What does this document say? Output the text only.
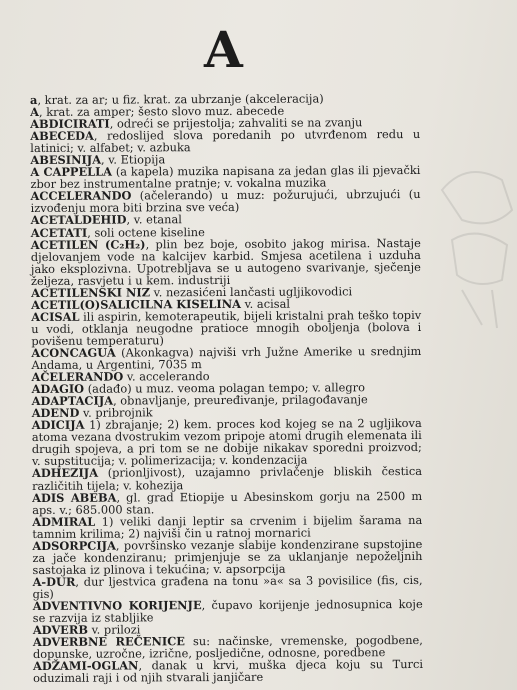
A

a, krat. za ar; u fiz. krat. za ubrzanje (akceleracija)

A, krat. za amper; šesto slovo muz. abecede

ABDICIRATI, odreći se prijestolja; zahvaliti se na zvanju

ABECEDA, redoslijed slova poredanih po utvrđenom redu u latinici; v. alfabet; v. azbuka

ABESINIJA, v. Etiopija

A CAPPELLA (a kapela) muzika napisana za jedan glas ili pjevački zbor bez instrumentalne pratnje; v. vokalna muzika

ACCELERANDO (ačelerando) u muz: požurujući, ubrzujući (u izvođenju mora biti brzina sve veća)

ACETALDEHID, v. etanal

ACETATI, soli octene kiseline

ACETILEN (C₂H₂), plin bez boje, osobito jakog mirisa. Nastaje djelovanjem vode na kalcijev karbid. Smjesa acetilena i uzduha jako eksplozivna. Upotrebljava se u autogeno svarivanje, sječenje željeza, rasvjetu i u kem. industriji

ACETILENSKI NIZ v. nezasićeni lančasti ugljikovodici

ACETIL(O)SALICILNA KISELINA v. acisal

ACISAL ili aspirin, kemoterapeutik, bijeli kristalni prah teško topiv u vodi, otklanja neugodne pratioce mnogih obolјenja (bolova i povišenu temperaturu)

ACONCAGUA (Akonkagva) najviši vrh Južne Amerike u srednjim Andama, u Argentini, 7035 m

AČELERANDO v. accelerando

ADAGIO (adađo) u muz. veoma polagan tempo; v. allegro

ADAPTACIJA, obnavljanje, preuređivanje, prilagođavanje

ADEND v. pribrojnik

ADICIJA 1) zbrajanje; 2) kem. proces kod kojeg se na 2 ugljikova atoma vezana dvostrukim vezom pripoje atomi drugih elemenata ili drugih spojeva, a pri tom se ne dobije nikakav sporedni proizvod; v. supstitucija; v. polimerizacija; v. kondenzacija

ADHEZIJA (prionljivost), uzajamno privlačenje bliskih čestica različitih tijela; v. kohezija

ADIS ABEBA, gl. grad Etiopije u Abesinskom gorju na 2500 m aps. v.; 685.000 stan.

ADMIRAL 1) veliki danji leptir sa crvenim i bijelim šarama na tamnim krilima; 2) najviši čin u ratnoj mornarici

ADSORPCIJA, površinsko vezanje slabije kondenzirane supstojine za jače kondenziranu; primjenjuje se za uklanjanje nepoželjnih sastojaka iz plinova i tekućina; v. apsorpcija

A-DUR, dur ljestvica građena na tonu »a« sa 3 povisilice (fis, cis, gis)

ADVENTIVNO KORIJENJE, čupavo korijenje jednosupnica koje se razvija iz stabljike

ADVERB v. prilozi

ADVERBNE REČENICE su: načinske, vremenske, pogodbene, dopunske, uzročne, izrične, posljedične, odnosne, poredbene

ADŽAMI-OGLAN, danak u krvi, muška djeca koju su Turci oduzimali raji i od njih stvarali janjičare
